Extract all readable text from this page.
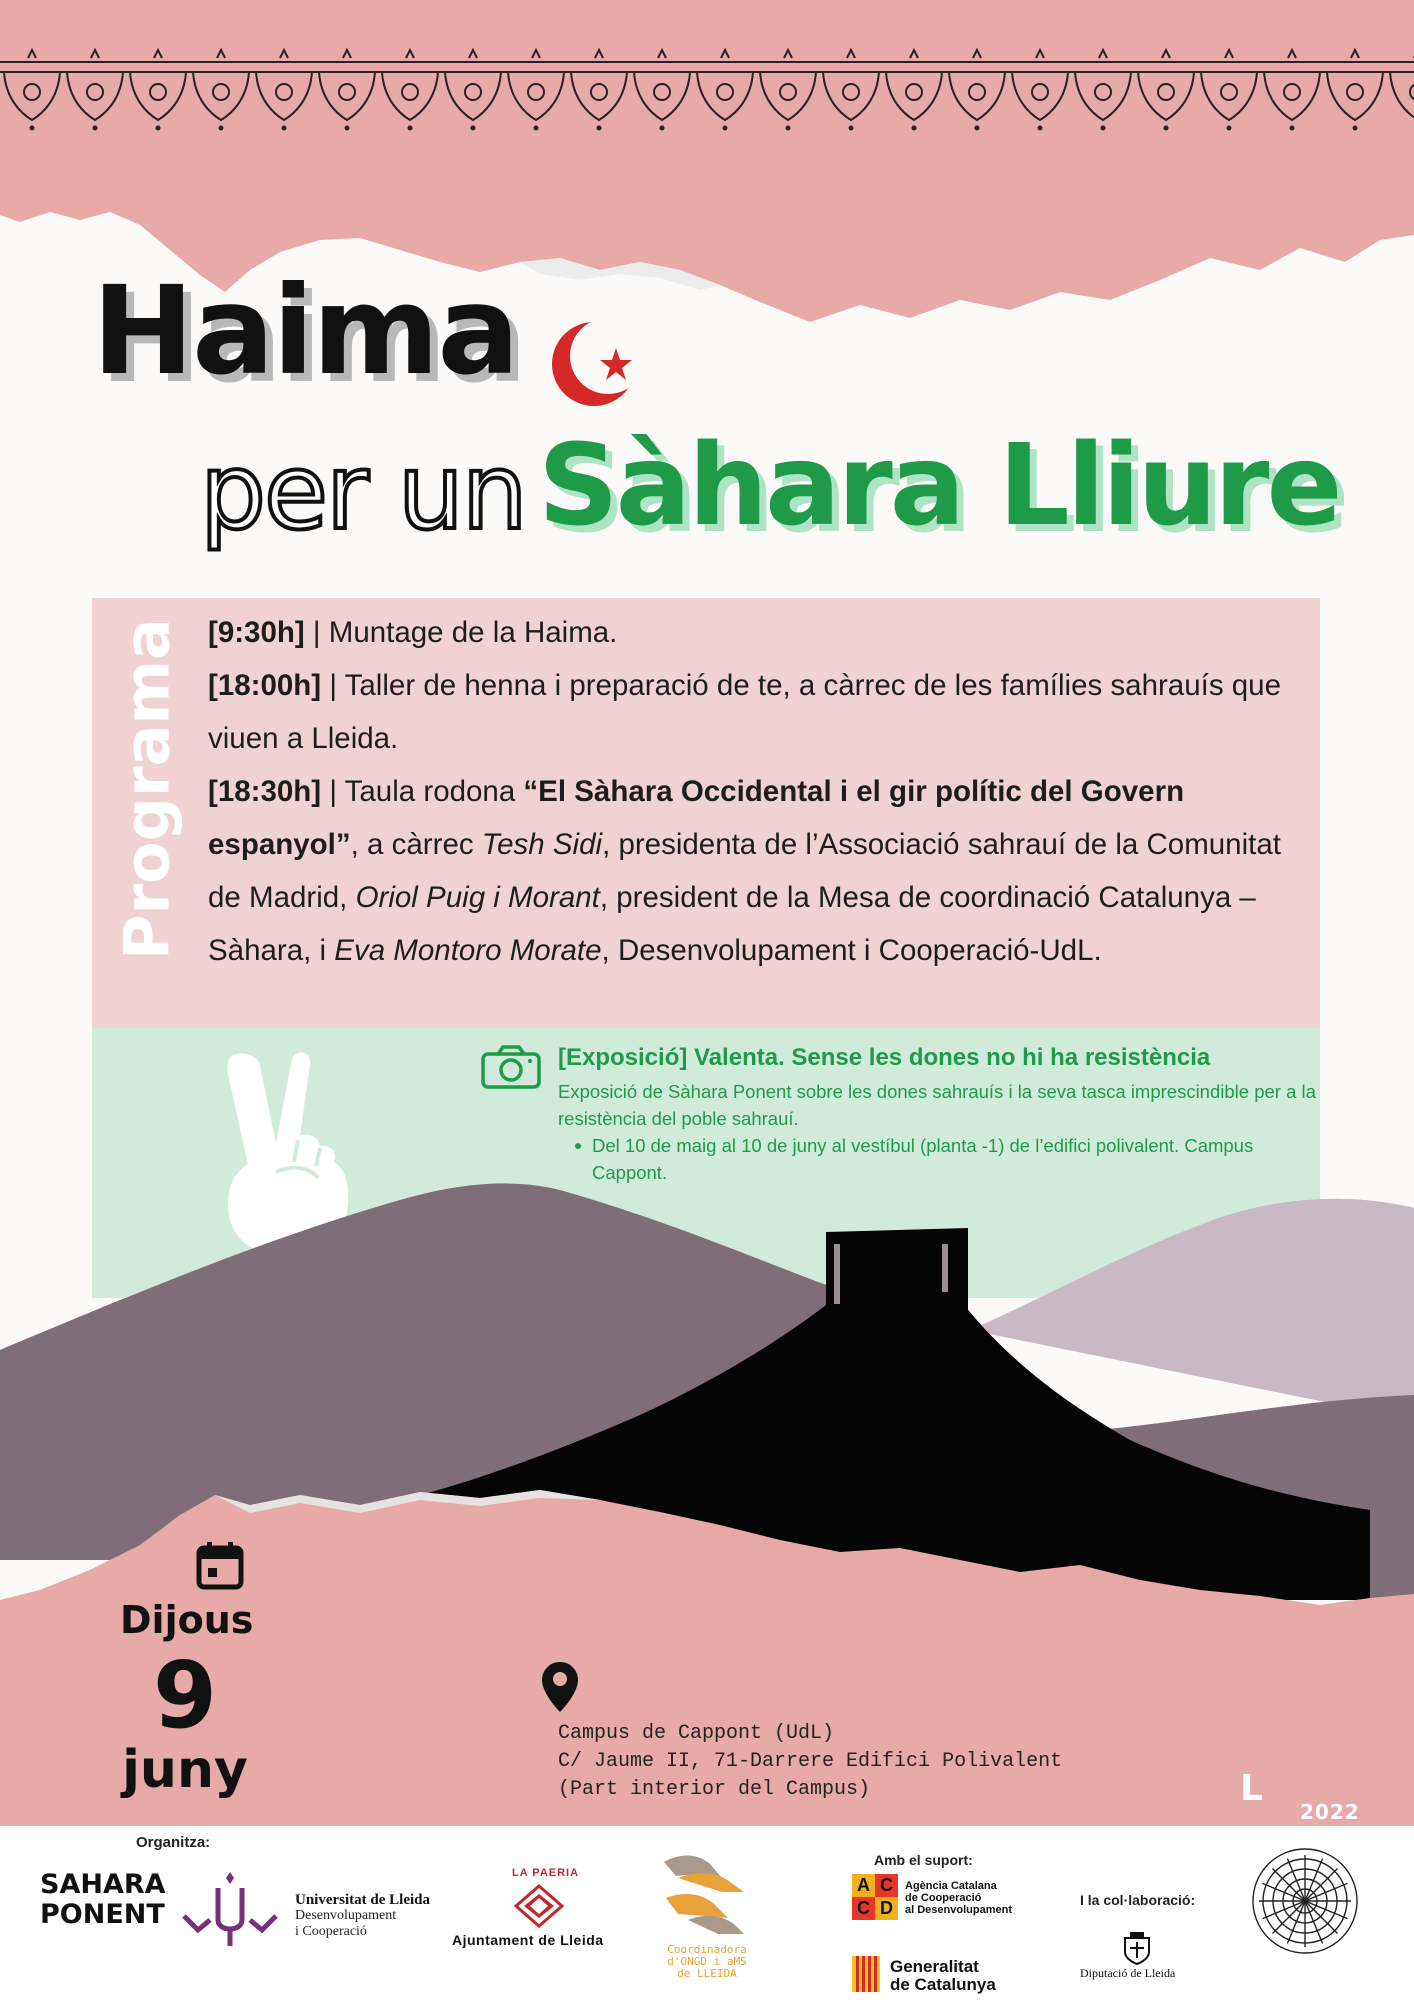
Haima
per un Sàhara Lliure
Programa [9:30h] | Muntage de la Haima.

[18:00h] | Taller de henna i preparació de te, a càrrec de les famílies sahrauís que viuen a Lleida.

[18:30h] | Taula rodona “El Sàhara Occidental i el gir polític del Govern espanyol”, a càrrec Tesh Sidi, presidenta de l’Associació sahrauí de la Comunitat de Madrid, Oriol Puig i Morant, president de la Mesa de coordinació Catalunya – Sàhara, i Eva Montoro Morate, Desenvolupament i Cooperació-UdL.

[Exposició] Valenta. Sense les dones no hi ha resistència
Exposició de Sàhara Ponent sobre les dones sahrauís i la seva tasca imprescindible per a la resistència del poble sahrauí.
Del 10 de maig al 10 de juny al vestíbul (planta -1) de l’edifici polivalent. Campus Cappont.
Dijous
9
juny
Campus de Cappont (UdL)
C/ Jaume II, 71-Darrere Edifici Polivalent
(Part interior del Campus)	L
2022
Organitza:
Amb el suport:
I la col·laboració:
SAHARA
PONENT	Universitat de Lleida
Desenvolupament
i Cooperació
LA PAERIA
Ajuntament de Lleida
Coordinadora d'ONGD i aMS de LLEIDA
A C
C D
Agència Catalana
de Cooperació
al Desenvolupament
Generalitat
de Catalunya
Diputació de Lleida
